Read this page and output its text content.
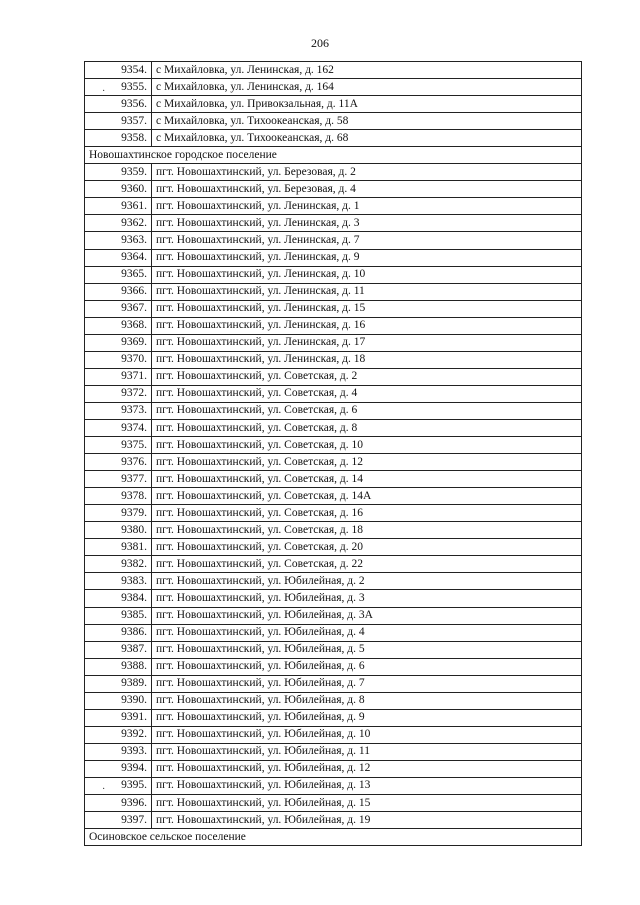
206
9354.	с Михайловка, ул. Ленинская, д. 162
9355.	с Михайловка, ул. Ленинская, д. 164
9356.	с Михайловка, ул. Привокзальная, д. 11А
9357.	с Михайловка, ул. Тихоокеанская, д. 58
9358.	с Михайловка, ул. Тихоокеанская, д. 68
Новошахтинское городское поселение	
9359.	пгт. Новошахтинский, ул. Березовая, д. 2
9360.	пгт. Новошахтинский, ул. Березовая, д. 4
9361.	пгт. Новошахтинский, ул. Ленинская, д. 1
9362.	пгт. Новошахтинский, ул. Ленинская, д. 3
9363.	пгт. Новошахтинский, ул. Ленинская, д. 7
9364.	пгт. Новошахтинский, ул. Ленинская, д. 9
9365.	пгт. Новошахтинский, ул. Ленинская, д. 10
9366.	пгт. Новошахтинский, ул. Ленинская, д. 11
9367.	пгт. Новошахтинский, ул. Ленинская, д. 15
9368.	пгт. Новошахтинский, ул. Ленинская, д. 16
9369.	пгт. Новошахтинский, ул. Ленинская, д. 17
9370.	пгт. Новошахтинский, ул. Ленинская, д. 18
9371.	пгт. Новошахтинский, ул. Советская, д. 2
9372.	пгт. Новошахтинский, ул. Советская, д. 4
9373.	пгт. Новошахтинский, ул. Советская, д. 6
9374.	пгт. Новошахтинский, ул. Советская, д. 8
9375.	пгт. Новошахтинский, ул. Советская, д. 10
9376.	пгт. Новошахтинский, ул. Советская, д. 12
9377.	пгт. Новошахтинский, ул. Советская, д. 14
9378.	пгт. Новошахтинский, ул. Советская, д. 14А
9379.	пгт. Новошахтинский, ул. Советская, д. 16
9380.	пгт. Новошахтинский, ул. Советская, д. 18
9381.	пгт. Новошахтинский, ул. Советская, д. 20
9382.	пгт. Новошахтинский, ул. Советская, д. 22
9383.	пгт. Новошахтинский, ул. Юбилейная, д. 2
9384.	пгт. Новошахтинский, ул. Юбилейная, д. 3
9385.	пгт. Новошахтинский, ул. Юбилейная, д. 3А
9386.	пгт. Новошахтинский, ул. Юбилейная, д. 4
9387.	пгт. Новошахтинский, ул. Юбилейная, д. 5
9388.	пгт. Новошахтинский, ул. Юбилейная, д. 6
9389.	пгт. Новошахтинский, ул. Юбилейная, д. 7
9390.	пгт. Новошахтинский, ул. Юбилейная, д. 8
9391.	пгт. Новошахтинский, ул. Юбилейная, д. 9
9392.	пгт. Новошахтинский, ул. Юбилейная, д. 10
9393.	пгт. Новошахтинский, ул. Юбилейная, д. 11
9394.	пгт. Новошахтинский, ул. Юбилейная, д. 12
9395.	пгт. Новошахтинский, ул. Юбилейная, д. 13
9396.	пгт. Новошахтинский, ул. Юбилейная, д. 15
9397.	пгт. Новошахтинский, ул. Юбилейная, д. 19
Осиновское сельское поселение	
·
·
